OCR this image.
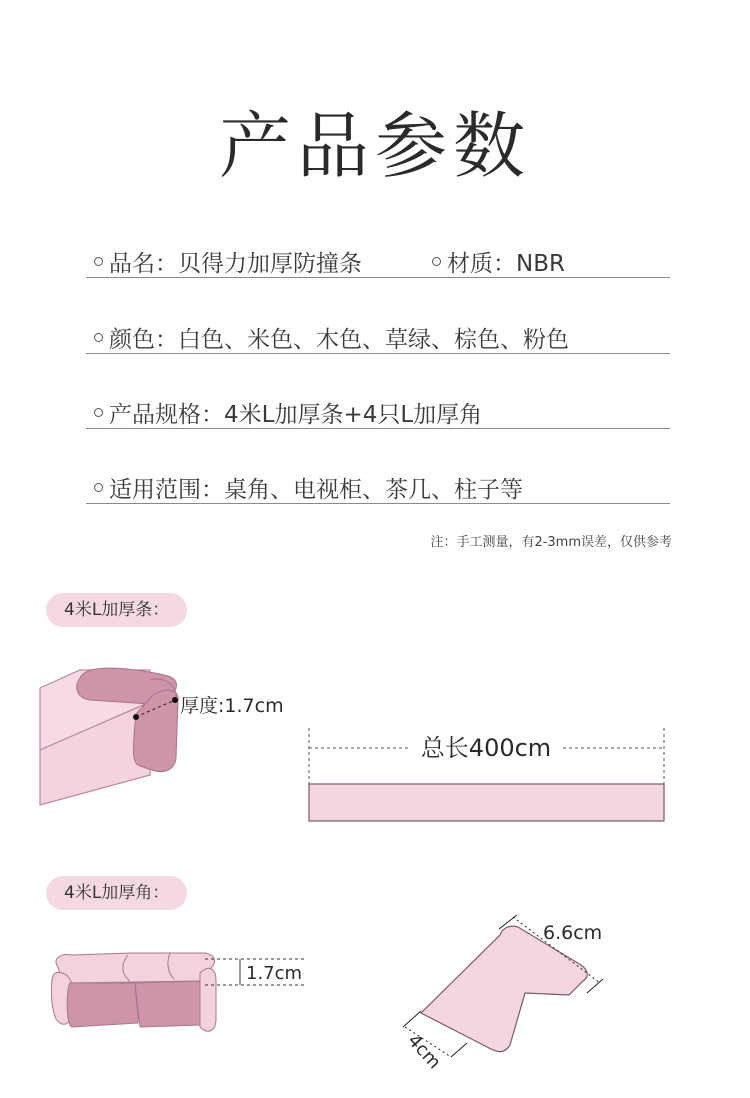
产品参数
品名：贝得力加厚防撞条	材质：NBR
颜色：白色、米色、木色、草绿、棕色、粉色
产品规格：4米L加厚条+4只L加厚角
适用范围：桌角、电视柜、茶几、柱子等
注：手工测量，有2-3mm误差，仅供参考
4米L加厚条：
厚度:1.7cm
总长400cm
4米L加厚角：
1.7cm
6.6cm
4cm
